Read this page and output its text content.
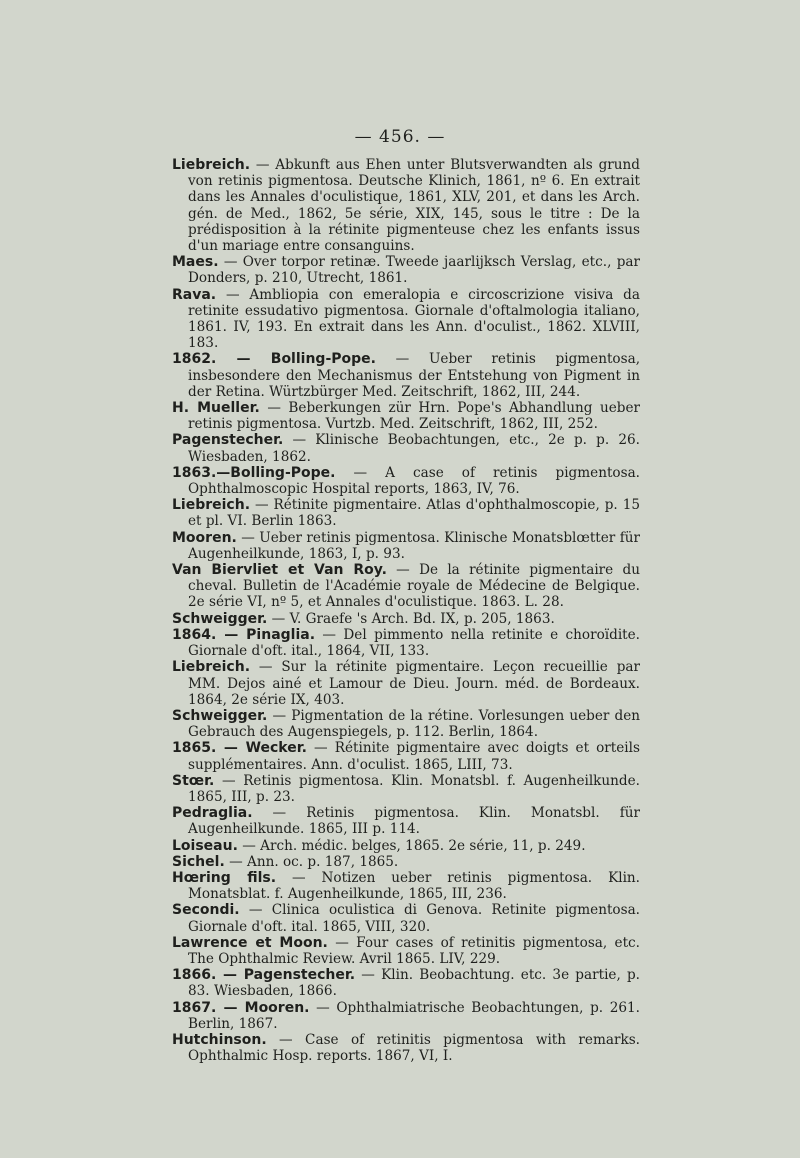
— 456. —

Liebreich. — Abkunft aus Ehen unter Blutsverwandten als grund von retinis pigmentosa. Deutsche Klinich, 1861, nº 6. En extrait dans les Annales d'oculistique, 1861, XLV, 201, et dans les Arch. gén. de Med., 1862, 5e série, XIX, 145, sous le titre : De la prédisposition à la rétinite pigmenteuse chez les enfants issus d'un mariage entre consanguins.

Maes. — Over torpor retinæ. Tweede jaarlijksch Verslag, etc., par Donders, p. 210, Utrecht, 1861.

Rava. — Ambliopia con emeralopia e circoscrizione visiva da retinite essudativo pigmentosa. Giornale d'oftalmologia italiano, 1861. IV, 193. En extrait dans les Ann. d'oculist., 1862. XLVIII, 183.

1862. — Bolling-Pope. — Ueber retinis pigmentosa, insbesondere den Mechanismus der Entstehung von Pigment in der Retina. Würtzbürger Med. Zeitschrift, 1862, III, 244.

H. Mueller. — Beberkungen zür Hrn. Pope's Abhandlung ueber retinis pigmentosa. Vurtzb. Med. Zeitschrift, 1862, III, 252.

Pagenstecher. — Klinische Beobachtungen, etc., 2e p. p. 26. Wiesbaden, 1862.

1863.—Bolling-Pope. — A case of retinis pigmentosa. Ophthalmoscopic Hospital reports, 1863, IV, 76.

Liebreich. — Rétinite pigmentaire. Atlas d'ophthalmoscopie, p. 15 et pl. VI. Berlin 1863.

Mooren. — Ueber retinis pigmentosa. Klinische Monatsblœtter für Augenheilkunde, 1863, I, p. 93.

Van Biervliet et Van Roy. — De la rétinite pigmentaire du cheval. Bulletin de l'Académie royale de Médecine de Belgique. 2e série VI, nº 5, et Annales d'oculistique. 1863. L. 28.

Schweigger. — V. Graefe 's Arch. Bd. IX, p. 205, 1863.

1864. — Pinaglia. — Del pimmento nella retinite e choroïdite. Giornale d'oft. ital., 1864, VII, 133.

Liebreich. — Sur la rétinite pigmentaire. Leçon recueillie par MM. Dejos ainé et Lamour de Dieu. Journ. méd. de Bordeaux. 1864, 2e série IX, 403.

Schweigger. — Pigmentation de la rétine. Vorlesungen ueber den Gebrauch des Augenspiegels, p. 112. Berlin, 1864.

1865. — Wecker. — Rétinite pigmentaire avec doigts et orteils supplémentaires. Ann. d'oculist. 1865, LIII, 73.

Stœr. — Retinis pigmentosa. Klin. Monatsbl. f. Augenheilkunde. 1865, III, p. 23.

Pedraglia. — Retinis pigmentosa. Klin. Monatsbl. für Augenheilkunde. 1865, III p. 114.

Loiseau. — Arch. médic. belges, 1865. 2e série, 11, p. 249.

Sichel. — Ann. oc. p. 187, 1865.

Hœring fils. — Notizen ueber retinis pigmentosa. Klin. Monatsblat. f. Augenheilkunde, 1865, III, 236.

Secondi. — Clinica oculistica di Genova. Retinite pigmentosa. Giornale d'oft. ital. 1865, VIII, 320.

Lawrence et Moon. — Four cases of retinitis pigmentosa, etc. The Ophthalmic Review. Avril 1865. LIV, 229.

1866. — Pagenstecher. — Klin. Beobachtung. etc. 3e partie, p. 83. Wiesbaden, 1866.

1867. — Mooren. — Ophthalmiatrische Beobachtungen, p. 261. Berlin, 1867.

Hutchinson. — Case of retinitis pigmentosa with remarks. Ophthalmic Hosp. reports. 1867, VI, I.
